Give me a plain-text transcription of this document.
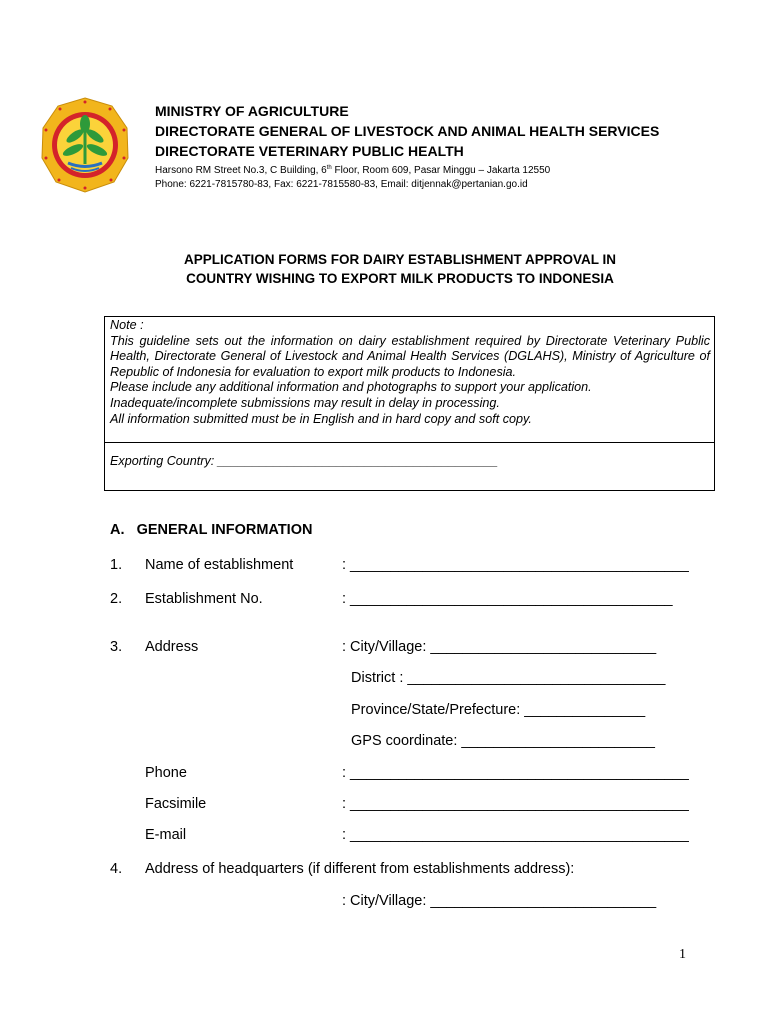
MINISTRY OF AGRICULTURE
DIRECTORATE GENERAL OF LIVESTOCK AND ANIMAL HEALTH SERVICES
DIRECTORATE VETERINARY PUBLIC HEALTH
Harsono RM Street No.3, C Building, 6th Floor, Room 609, Pasar Minggu – Jakarta 12550
Phone: 6221-7815780-83, Fax: 6221-7815580-83, Email: ditjennak@pertanian.go.id
APPLICATION FORMS FOR DAIRY ESTABLISHMENT APPROVAL IN
COUNTRY WISHING TO EXPORT MILK PRODUCTS TO INDONESIA
Note :
This guideline sets out the information on dairy establishment required by Directorate Veterinary Public Health, Directorate General of Livestock and Animal Health Services (DGLAHS), Ministry of Agriculture of Republic of Indonesia for evaluation to export milk products to Indonesia.
Please include any additional information and photographs to support your application.
Inadequate/incomplete submissions may result in delay in processing.
All information submitted must be in English and in hard copy and soft copy.
Exporting Country: ________________________________________
A.   GENERAL INFORMATION
1. Name of establishment	: __________________________________________
2. Establishment No.	: ________________________________________
3. Address	: City/Village: ____________________________
District : ________________________________
Province/State/Prefecture: _______________
GPS coordinate: ________________________
Phone	: __________________________________________
Facsimile	: __________________________________________
E-mail	: __________________________________________
4. Address of headquarters (if different from establishments address):
: City/Village: ____________________________
1
